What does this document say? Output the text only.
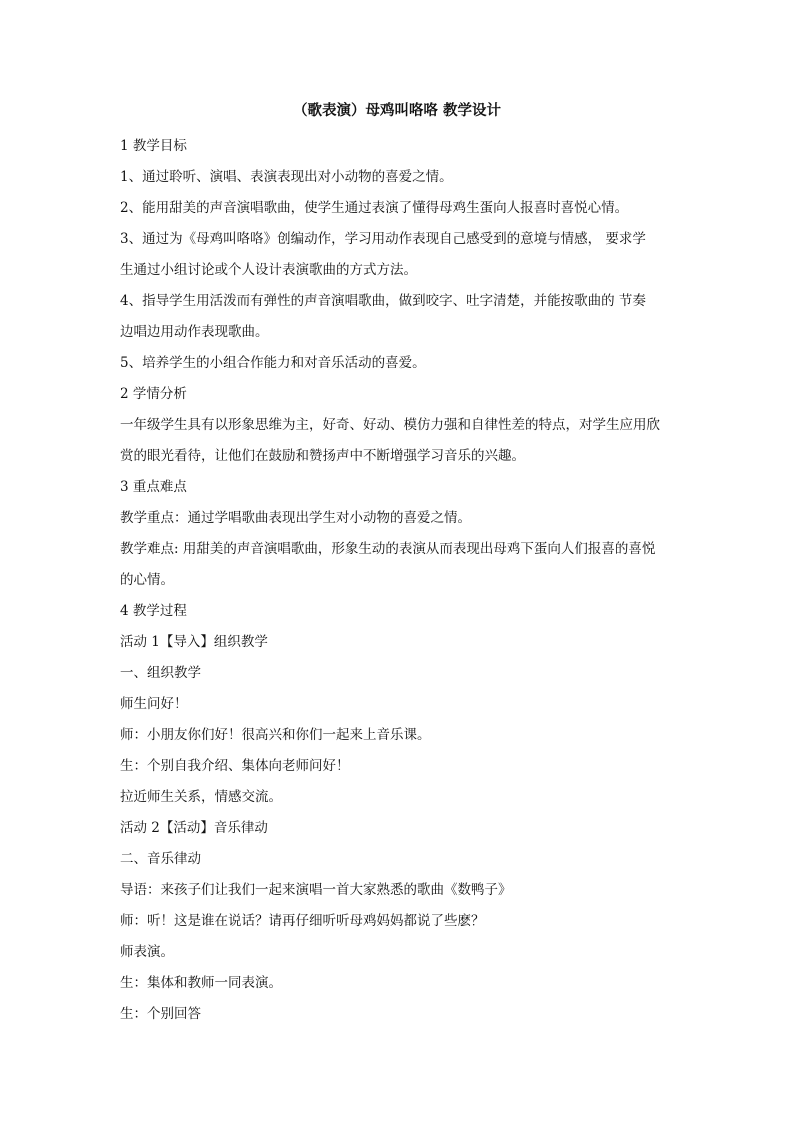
（歌表演）母鸡叫咯咯 教学设计
1 教学目标
1、通过聆听、演唱、表演表现出对小动物的喜爱之情。
2、能用甜美的声音演唱歌曲，使学生通过表演了懂得母鸡生蛋向人报喜时喜悦心情。
3、通过为《母鸡叫咯咯》创编动作，学习用动作表现自己感受到的意境与情感， 要求学
生通过小组讨论或个人设计表演歌曲的方式方法。
4、指导学生用活泼而有弹性的声音演唱歌曲，做到咬字、吐字清楚，并能按歌曲的 节奏
边唱边用动作表现歌曲。
5、培养学生的小组合作能力和对音乐活动的喜爱。
2 学情分析
一年级学生具有以形象思维为主，好奇、好动、模仿力强和自律性差的特点，对学生应用欣
赏的眼光看待，让他们在鼓励和赞扬声中不断增强学习音乐的兴趣。
3 重点难点
教学重点：通过学唱歌曲表现出学生对小动物的喜爱之情。
教学难点: 用甜美的声音演唱歌曲，形象生动的表演从而表现出母鸡下蛋向人们报喜的喜悦
的心情。
4 教学过程
活动 1【导入】组织教学
一、组织教学
师生问好！
师：小朋友你们好！很高兴和你们一起来上音乐课。
生：个别自我介绍、集体向老师问好！
拉近师生关系，情感交流。
活动 2【活动】音乐律动
二、音乐律动
导语：来孩子们让我们一起来演唱一首大家熟悉的歌曲《数鸭子》
师：听！这是谁在说话？请再仔细听听母鸡妈妈都说了些麽？
师表演。
生：集体和教师一同表演。
生：个别回答
